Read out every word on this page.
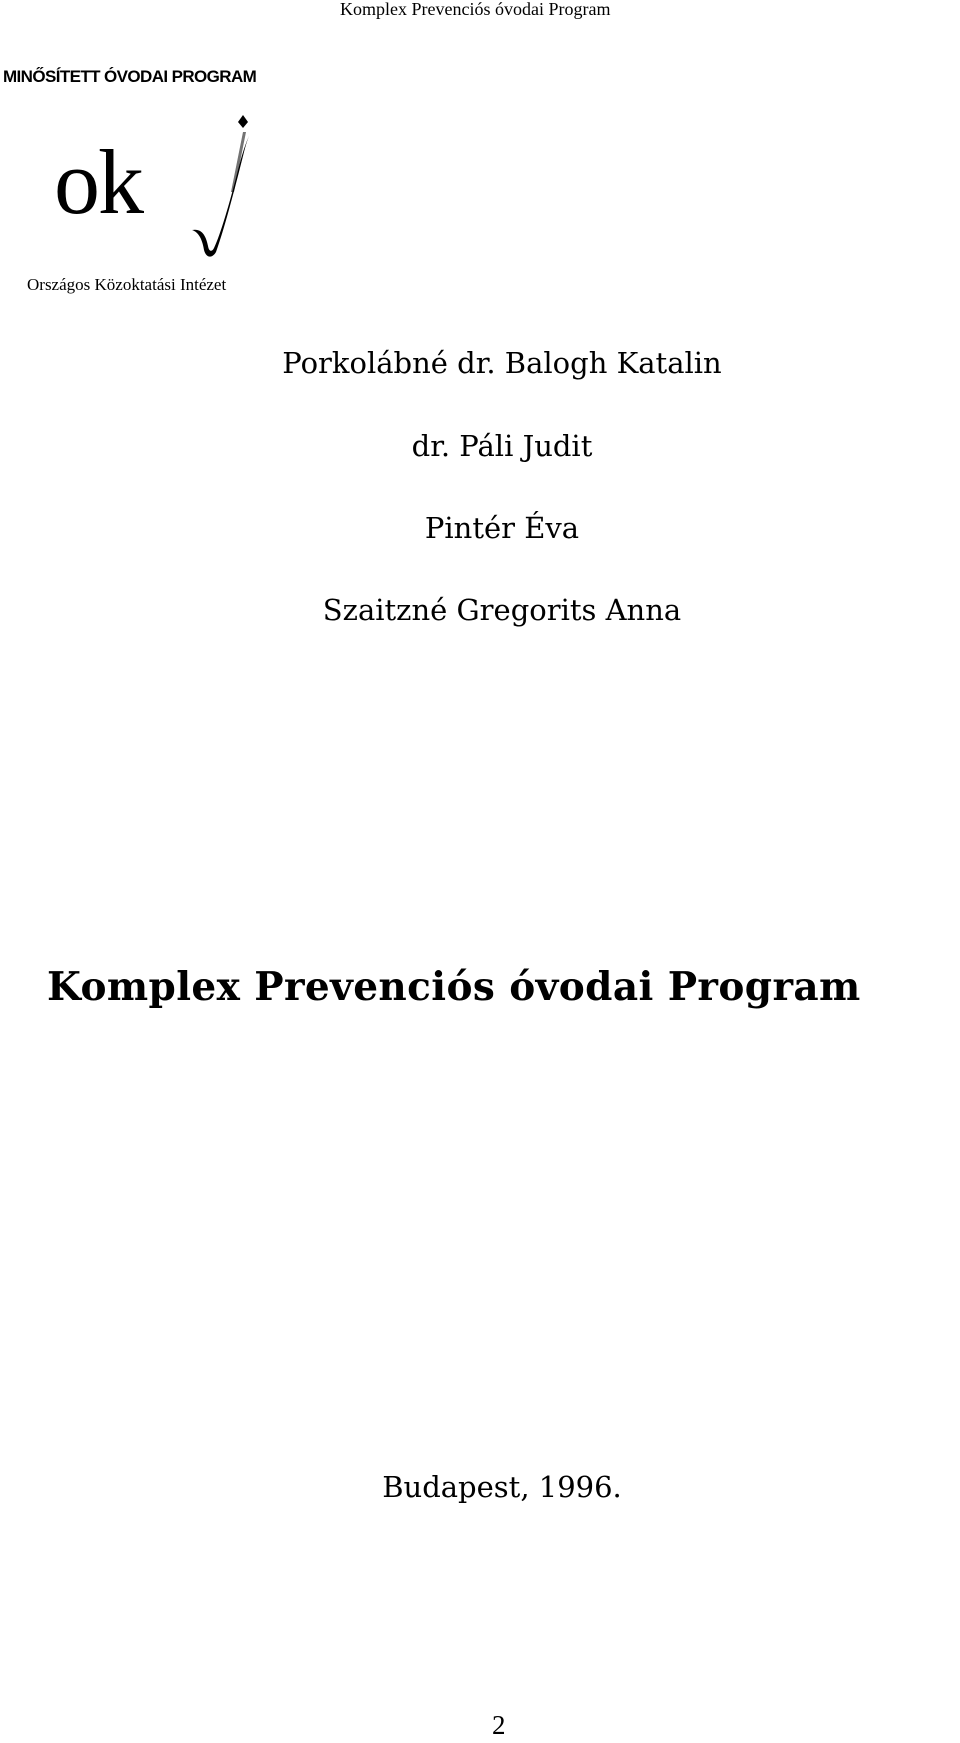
Komplex Prevenciós óvodai Program
MINŐSÍTETT ÓVODAI PROGRAM
ok
Országos Közoktatási Intézet
Porkolábné dr. Balogh Katalin
dr. Páli Judit
Pintér Éva
Szaitzné Gregorits Anna
Komplex Prevenciós óvodai Program
Budapest, 1996.
2
